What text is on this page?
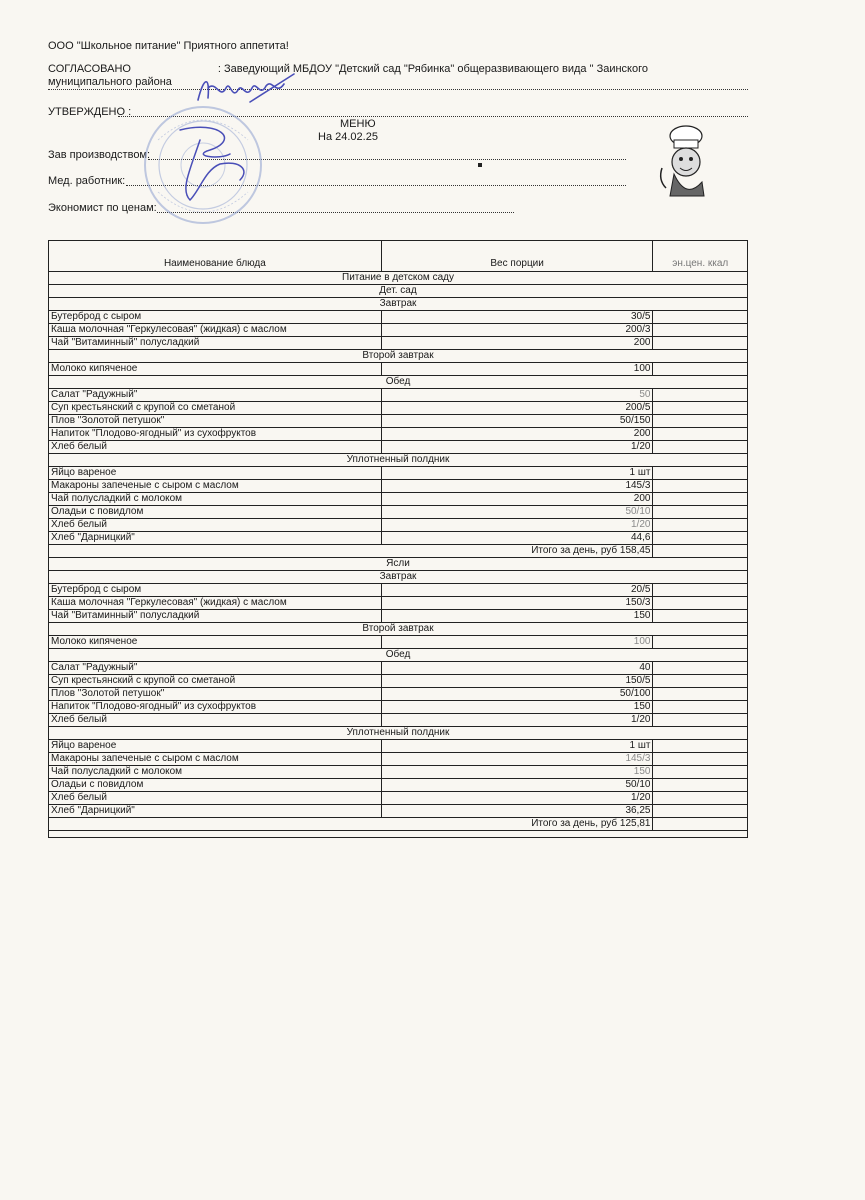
ООО "Школьное питание" Приятного аппетита!
СОГЛАСОВАНО	: Заведующий МБДОУ "Детский сад "Рябинка" общеразвивающего вида " Заинского
муниципального района
УТВЕРЖДЕНО :
МЕНЮ
На 24.02.25
Зав производством:
Мед. работник:
Экономист по ценам:
Наименование блюда	Вес порции	эн.цен. ккал
Питание в детском саду		
Дет. сад		
Завтрак		
Бутерброд с сыром	30/5	
Каша молочная "Геркулесовая" (жидкая) с маслом	200/3	
Чай "Витаминный" полусладкий	200	
Второй завтрак		
Молоко кипяченое	100	
Обед		
Салат "Радужный"	50	
Суп крестьянский с крупой со сметаной	200/5	
Плов "Золотой петушок"	50/150	
Напиток "Плодово-ягодный" из сухофруктов	200	
Хлеб белый	1/20	
Уплотненный полдник		
Яйцо вареное	1 шт	
Макароны запеченые с сыром с маслом	145/3	
Чай полусладкий с молоком	200	
Оладьи с повидлом	50/10	
Хлеб белый	1/20	
Хлеб "Дарницкий"	44,6	
	Итого за день, руб 158,45	
Ясли		
Завтрак		
Бутерброд с сыром	20/5	
Каша молочная "Геркулесовая" (жидкая) с маслом	150/3	
Чай "Витаминный" полусладкий	150	
Второй завтрак		
Молоко кипяченое	100	
Обед		
Салат "Радужный"	40	
Суп крестьянский с крупой со сметаной	150/5	
Плов "Золотой петушок"	50/100	
Напиток "Плодово-ягодный" из сухофруктов	150	
Хлеб белый	1/20	
Уплотненный полдник		
Яйцо вареное	1 шт	
Макароны запеченые с сыром с маслом	145/3	
Чай полусладкий с молоком	150	
Оладьи с повидлом	50/10	
Хлеб белый	1/20	
Хлеб "Дарницкий"	36,25	
	Итого за день, руб 125,81	
